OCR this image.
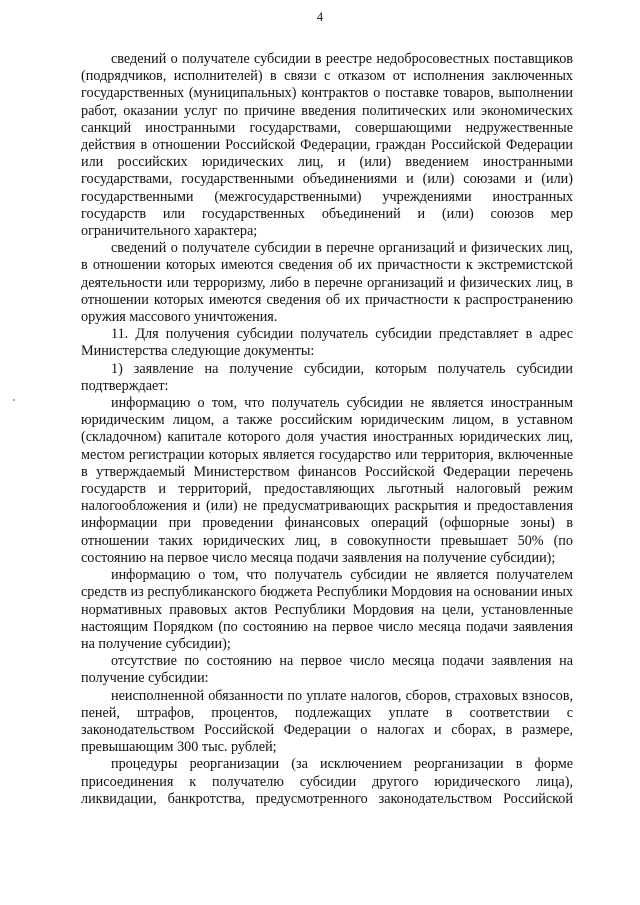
4

сведений о получателе субсидии в реестре недобросовестных поставщиков (подрядчиков, исполнителей) в связи с отказом от исполнения заключенных государственных (муниципальных) контрактов о поставке товаров, выполнении работ, оказании услуг по причине введения политических или экономических санкций иностранными государствами, совершающими недружественные действия в отношении Российской Федерации, граждан Российской Федерации или российских юридических лиц, и (или) введением иностранными государствами, государственными объединениями и (или) союзами и (или) государственными (межгосударственными) учреждениями иностранных государств или государственных объединений и (или) союзов мер ограничительного характера;

сведений о получателе субсидии в перечне организаций и физических лиц, в отношении которых имеются сведения об их причастности к экстремистской деятельности или терроризму, либо в перечне организаций и физических лиц, в отношении которых имеются сведения об их причастности к распространению оружия массового уничтожения.

11. Для получения субсидии получатель субсидии представляет в адрес Министерства следующие документы:

1) заявление на получение субсидии, которым получатель субсидии подтверждает:

информацию о том, что получатель субсидии не является иностранным юридическим лицом, а также российским юридическим лицом, в уставном (складочном) капитале которого доля участия иностранных юридических лиц, местом регистрации которых является государство или территория, включенные в утверждаемый Министерством финансов Российской Федерации перечень государств и территорий, предоставляющих льготный налоговый режим налогообложения и (или) не предусматривающих раскрытия и предоставления информации при проведении финансовых операций (офшорные зоны) в отношении таких юридических лиц, в совокупности превышает 50% (по состоянию на первое число месяца подачи заявления на получение субсидии);

информацию о том, что получатель субсидии не является получателем средств из республиканского бюджета Республики Мордовия на основании иных нормативных правовых актов Республики Мордовия на цели, установленные настоящим Порядком (по состоянию на первое число месяца подачи заявления на получение субсидии);

отсутствие по состоянию на первое число месяца подачи заявления на получение субсидии:

неисполненной обязанности по уплате налогов, сборов, страховых взносов, пеней, штрафов, процентов, подлежащих уплате в соответствии с законодательством Российской Федерации о налогах и сборах, в размере, превышающим 300 тыс. рублей;

процедуры реорганизации (за исключением реорганизации в форме присоединения к получателю субсидии другого юридического лица), ликвидации, банкротства, предусмотренного законодательством Российской
